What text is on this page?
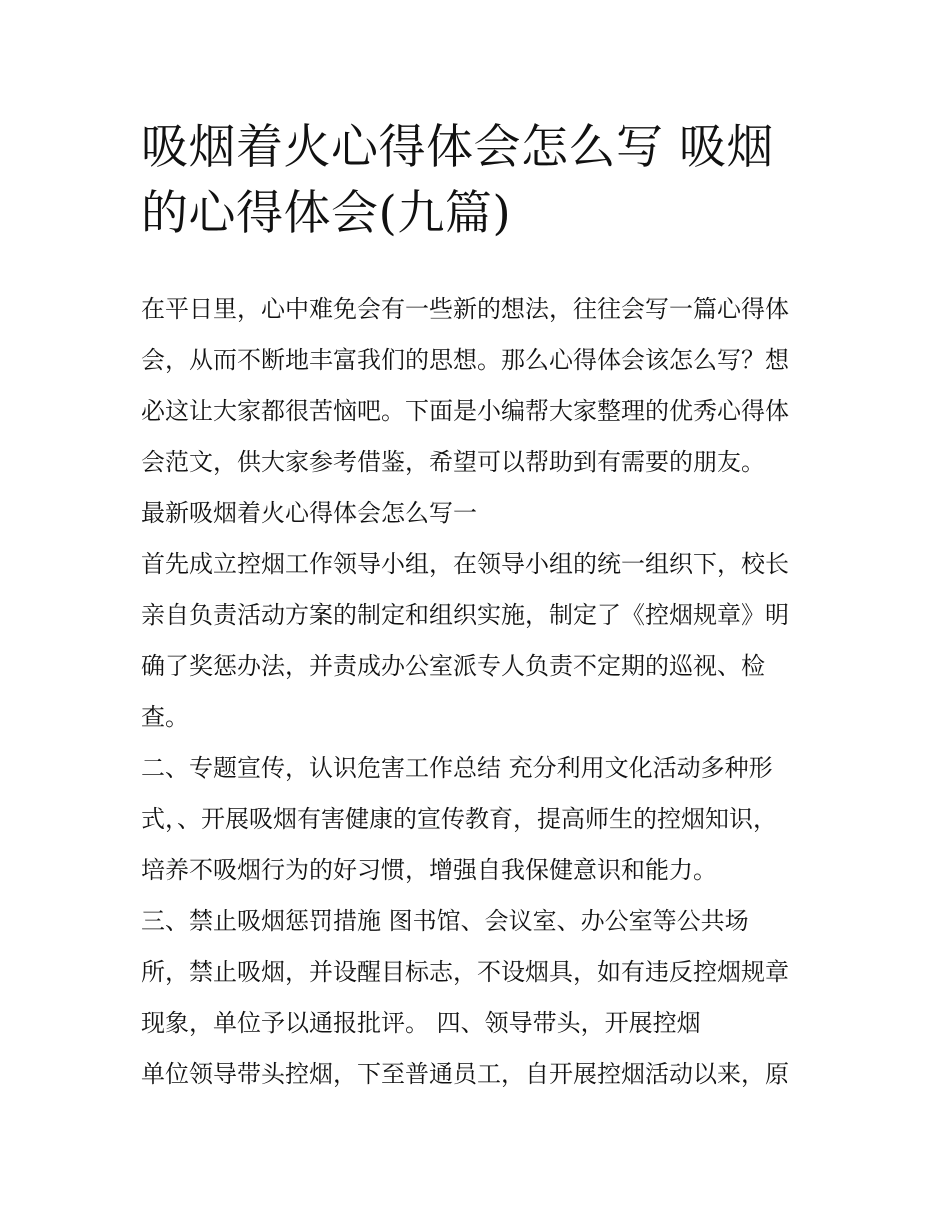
吸烟着火心得体会怎么写 吸烟
的心得体会(九篇)
在平日里，心中难免会有一些新的想法，往往会写一篇心得体
会，从而不断地丰富我们的思想。那么心得体会该怎么写？想
必这让大家都很苦恼吧。下面是小编帮大家整理的优秀心得体
会范文，供大家参考借鉴，希望可以帮助到有需要的朋友。
最新吸烟着火心得体会怎么写一
首先成立控烟工作领导小组，在领导小组的统一组织下，校长
亲自负责活动方案的制定和组织实施，制定了《控烟规章》明
确了奖惩办法，并责成办公室派专人负责不定期的巡视、检
查。
二、专题宣传，认识危害工作总结 充分利用文化活动多种形
式，、开展吸烟有害健康的宣传教育，提高师生的控烟知识，
培养不吸烟行为的好习惯，增强自我保健意识和能力。
三、禁止吸烟惩罚措施 图书馆、会议室、办公室等公共场
所，禁止吸烟，并设醒目标志，不设烟具，如有违反控烟规章
现象，单位予以通报批评。 四、领导带头，开展控烟
单位领导带头控烟，下至普通员工，自开展控烟活动以来，原
